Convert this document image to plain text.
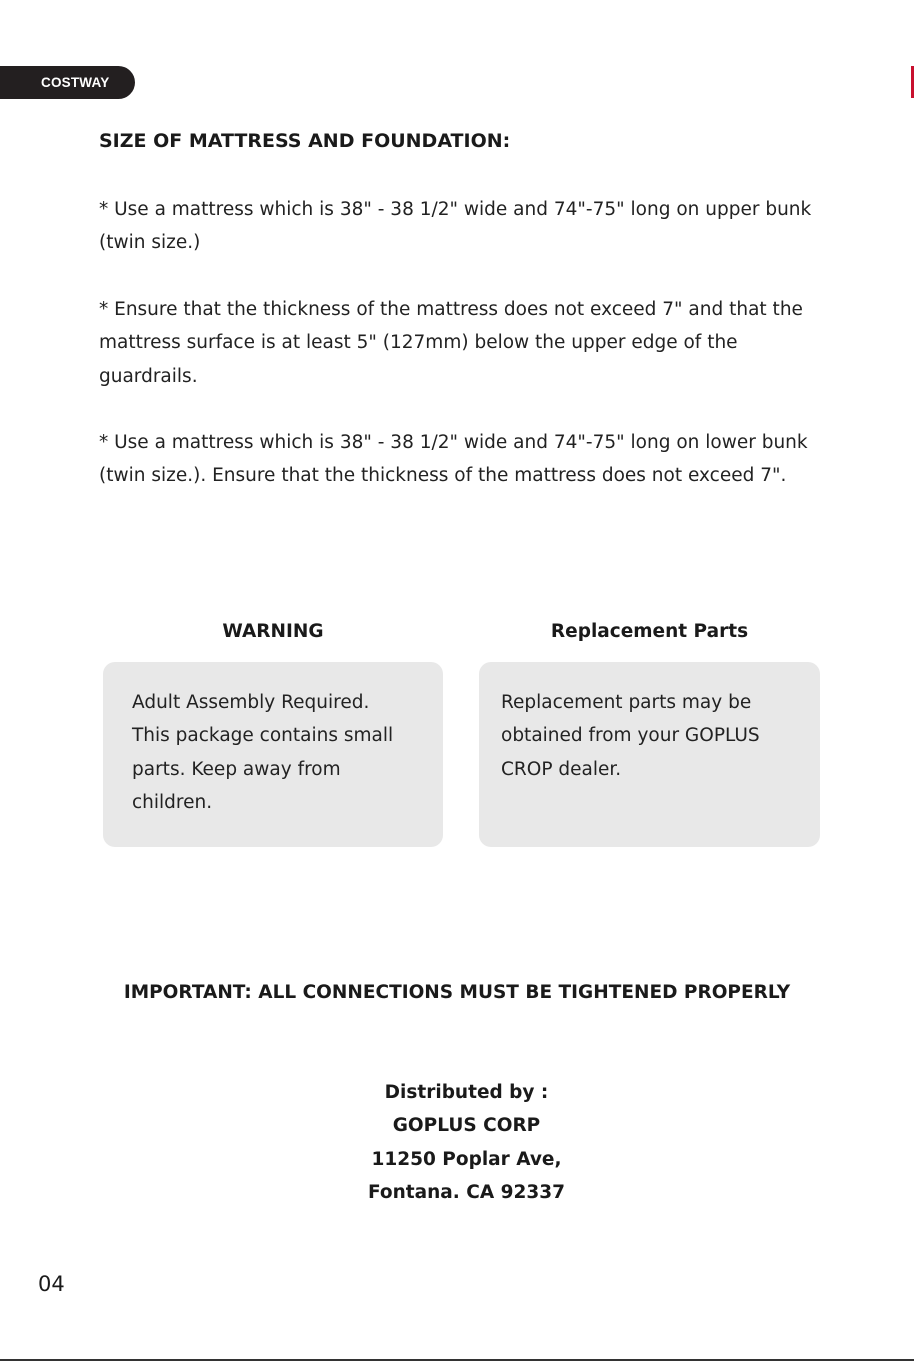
COSTWAY
SIZE OF MATTRESS AND FOUNDATION:

* Use a mattress which is 38" - 38 1/2" wide and 74"-75" long on upper bunk (twin size.)

* Ensure that the thickness of the mattress does not exceed 7" and that the mattress surface is at least 5" (127mm) below the upper edge of the guardrails.

* Use a mattress which is 38" - 38 1/2" wide and 74"-75" long on lower bunk (twin size.). Ensure that the thickness of the mattress does not exceed 7".

WARNING
Adult Assembly Required.
This package contains small
parts. Keep away from
children.
Replacement Parts
Replacement parts may be
obtained from your GOPLUS
CROP dealer.

IMPORTANT: ALL CONNECTIONS MUST BE TIGHTENED PROPERLY

Distributed by :
GOPLUS CORP
11250 Poplar Ave,
Fontana. CA 92337
04
